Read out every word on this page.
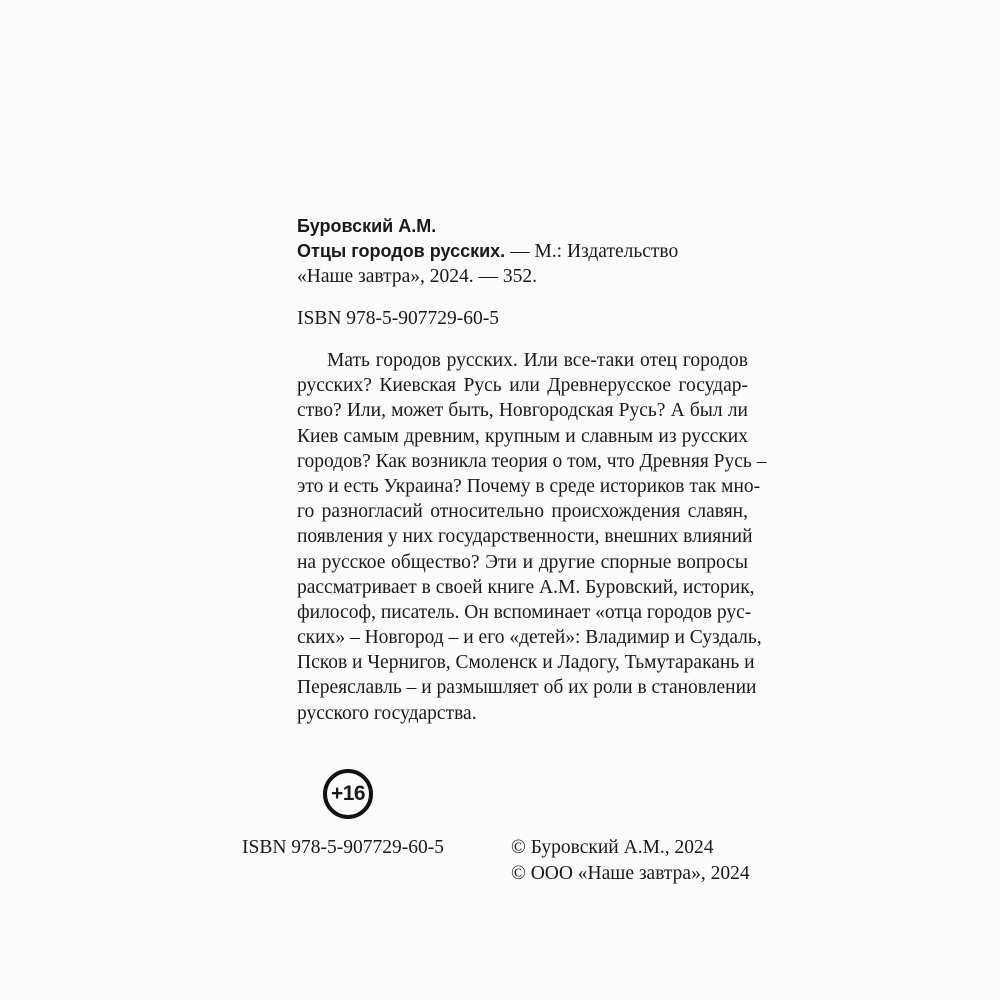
Буровский А.М.
Отцы городов русских. — М.: Издательство
«Наше завтра», 2024. — 352.
ISBN 978-5-907729-60-5
Мать городов русских. Или все-таки отец городов
русских? Киевская Русь или Древнерусское государ-
ство? Или, может быть, Новгородская Русь? А был ли
Киев самым древним, крупным и славным из русских
городов? Как возникла теория о том, что Древняя Русь –
это и есть Украина? Почему в среде историков так мно-
го разногласий относительно происхождения славян,
появления у них государственности, внешних влияний
на русское общество? Эти и другие спорные вопросы
рассматривает в своей книге А.М. Буровский, историк,
философ, писатель. Он вспоминает «отца городов рус-
ских» – Новгород – и его «детей»: Владимир и Суздаль,
Псков и Чернигов, Смоленск и Ладогу, Тьмутаракань и
Переяславль – и размышляет об их роли в становлении
русского государства.
+16
ISBN 978-5-907729-60-5	© Буровский А.М., 2024
© ООО «Наше завтра», 2024
